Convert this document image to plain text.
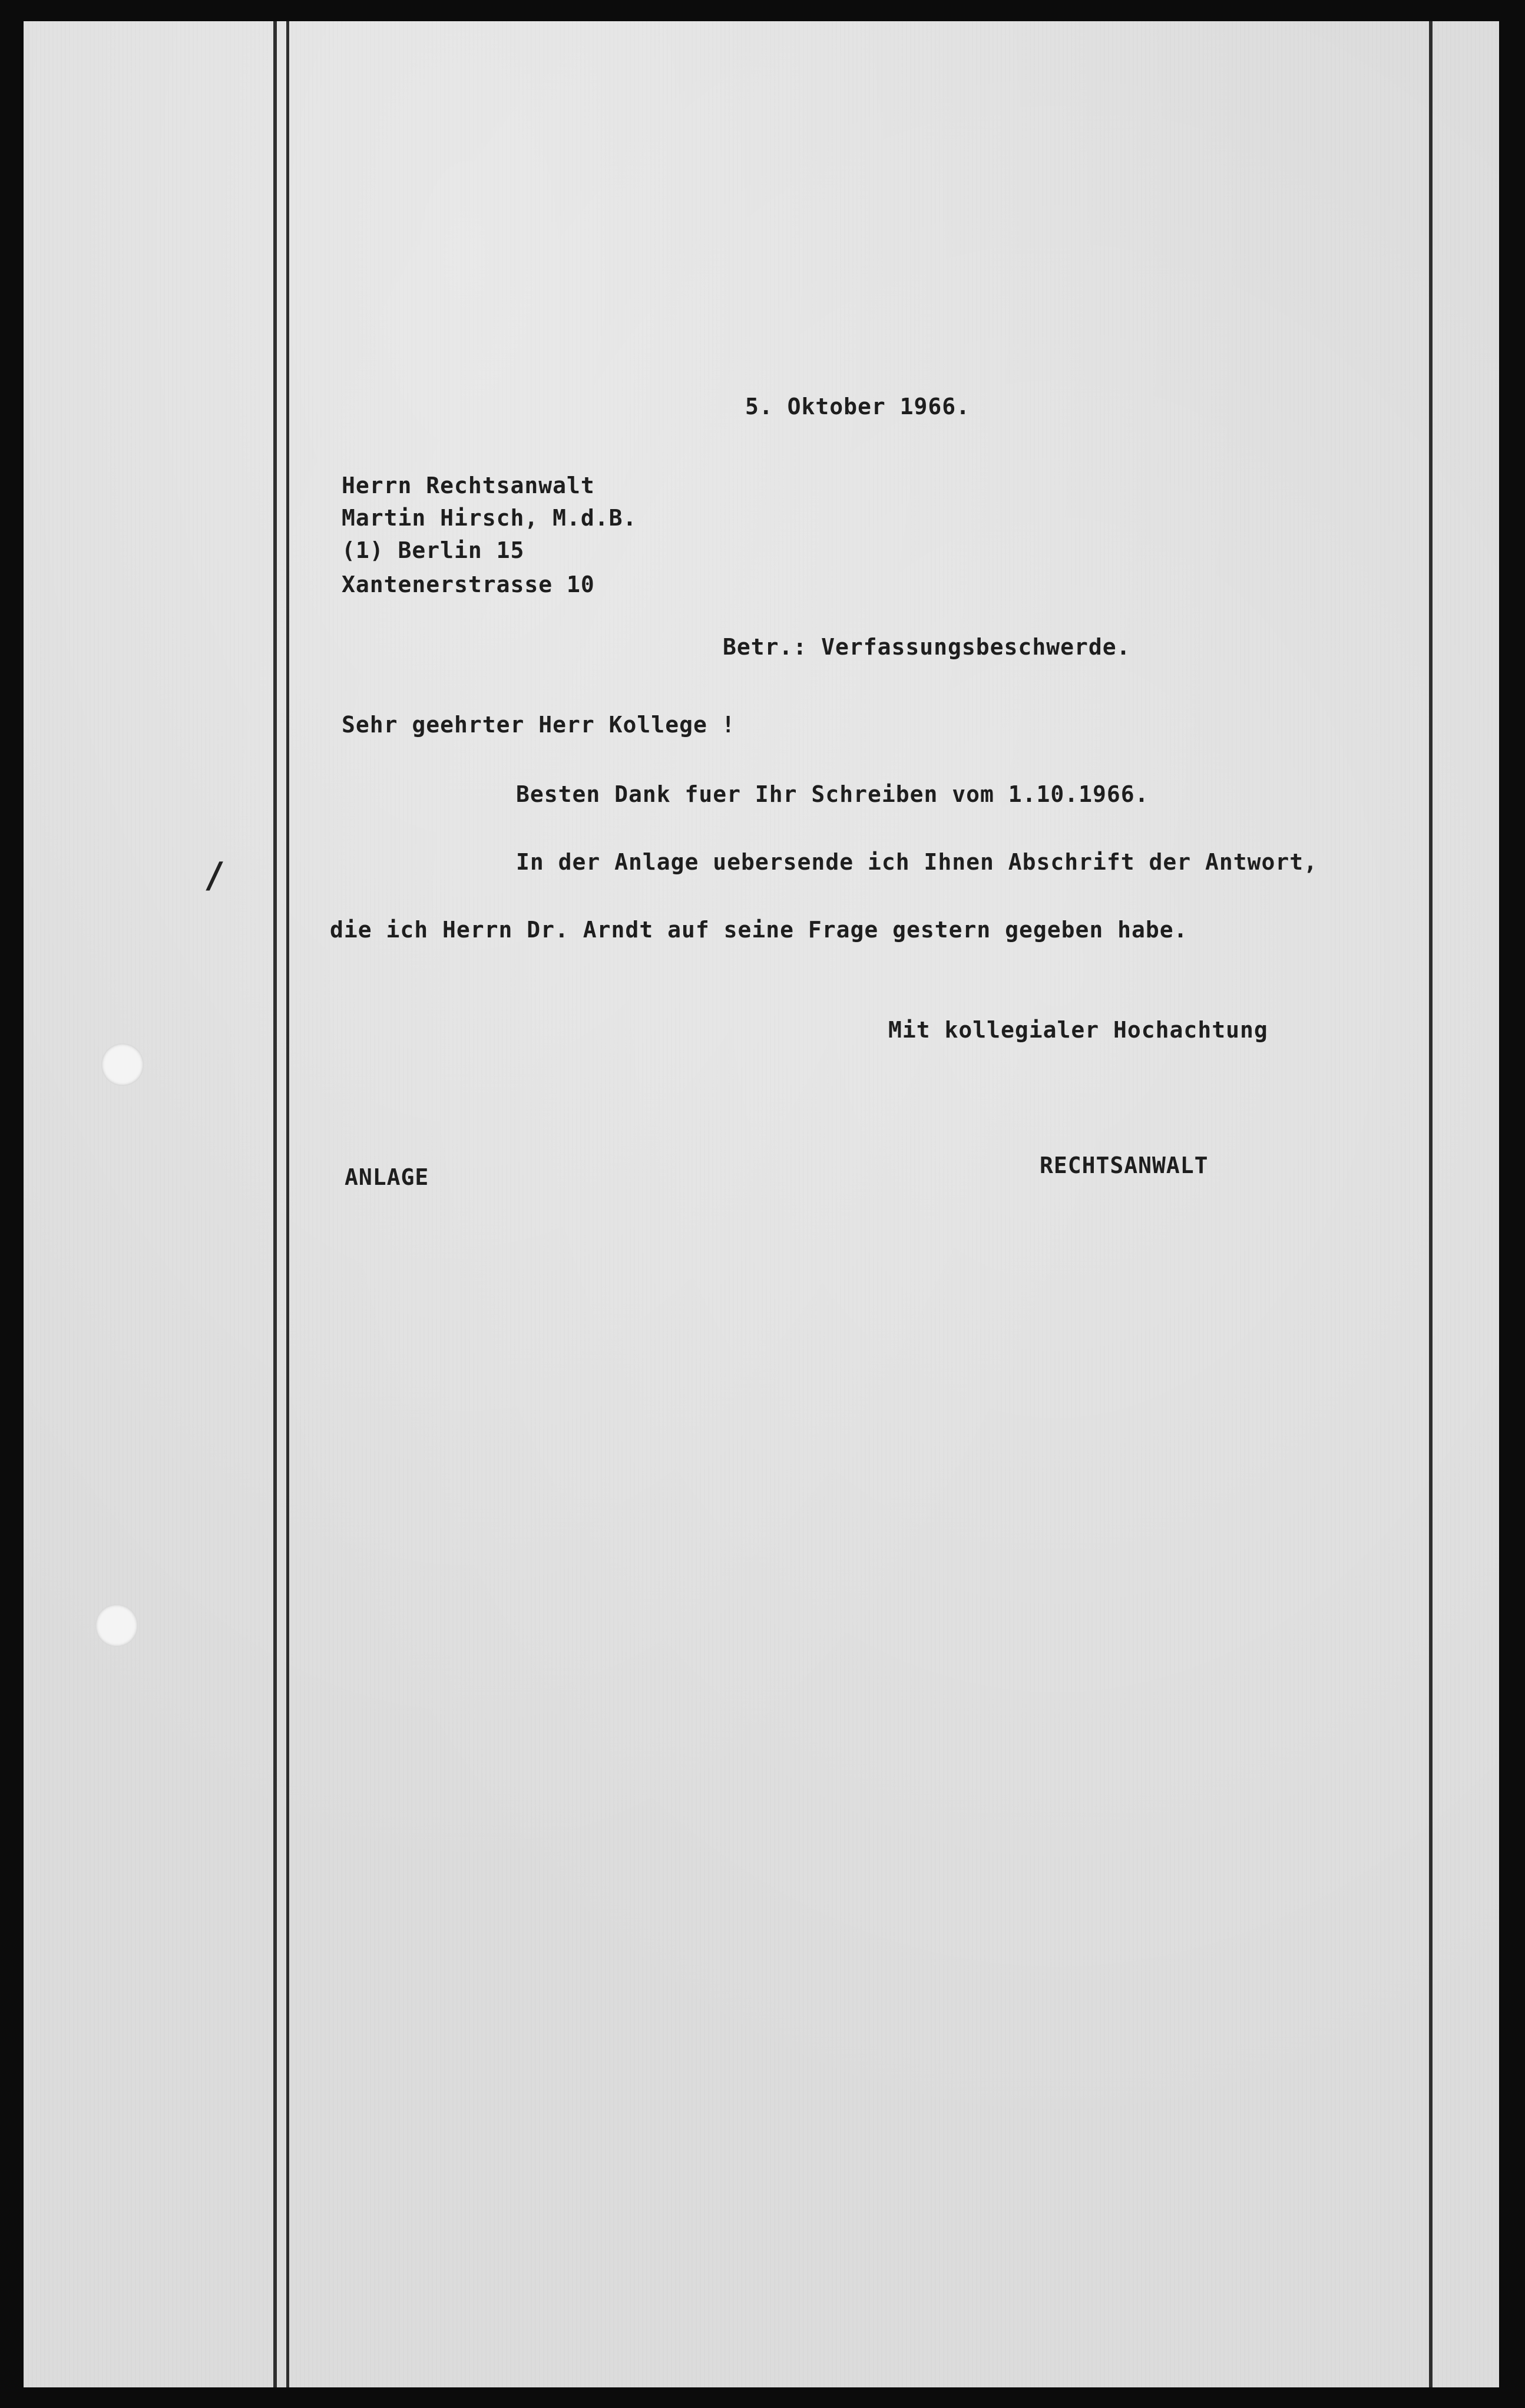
/
5. Oktober 1966.
Herrn Rechtsanwalt
Martin Hirsch, M.d.B.
(1) Berlin 15
Xantenerstrasse 10
Betr.: Verfassungsbeschwerde.
Sehr geehrter Herr Kollege !
Besten Dank fuer Ihr Schreiben vom 1.10.1966.
In der Anlage uebersende ich Ihnen Abschrift der Antwort,
die ich Herrn Dr. Arndt auf seine Frage gestern gegeben habe.
Mit kollegialer Hochachtung
ANLAGE	RECHTSANWALT
